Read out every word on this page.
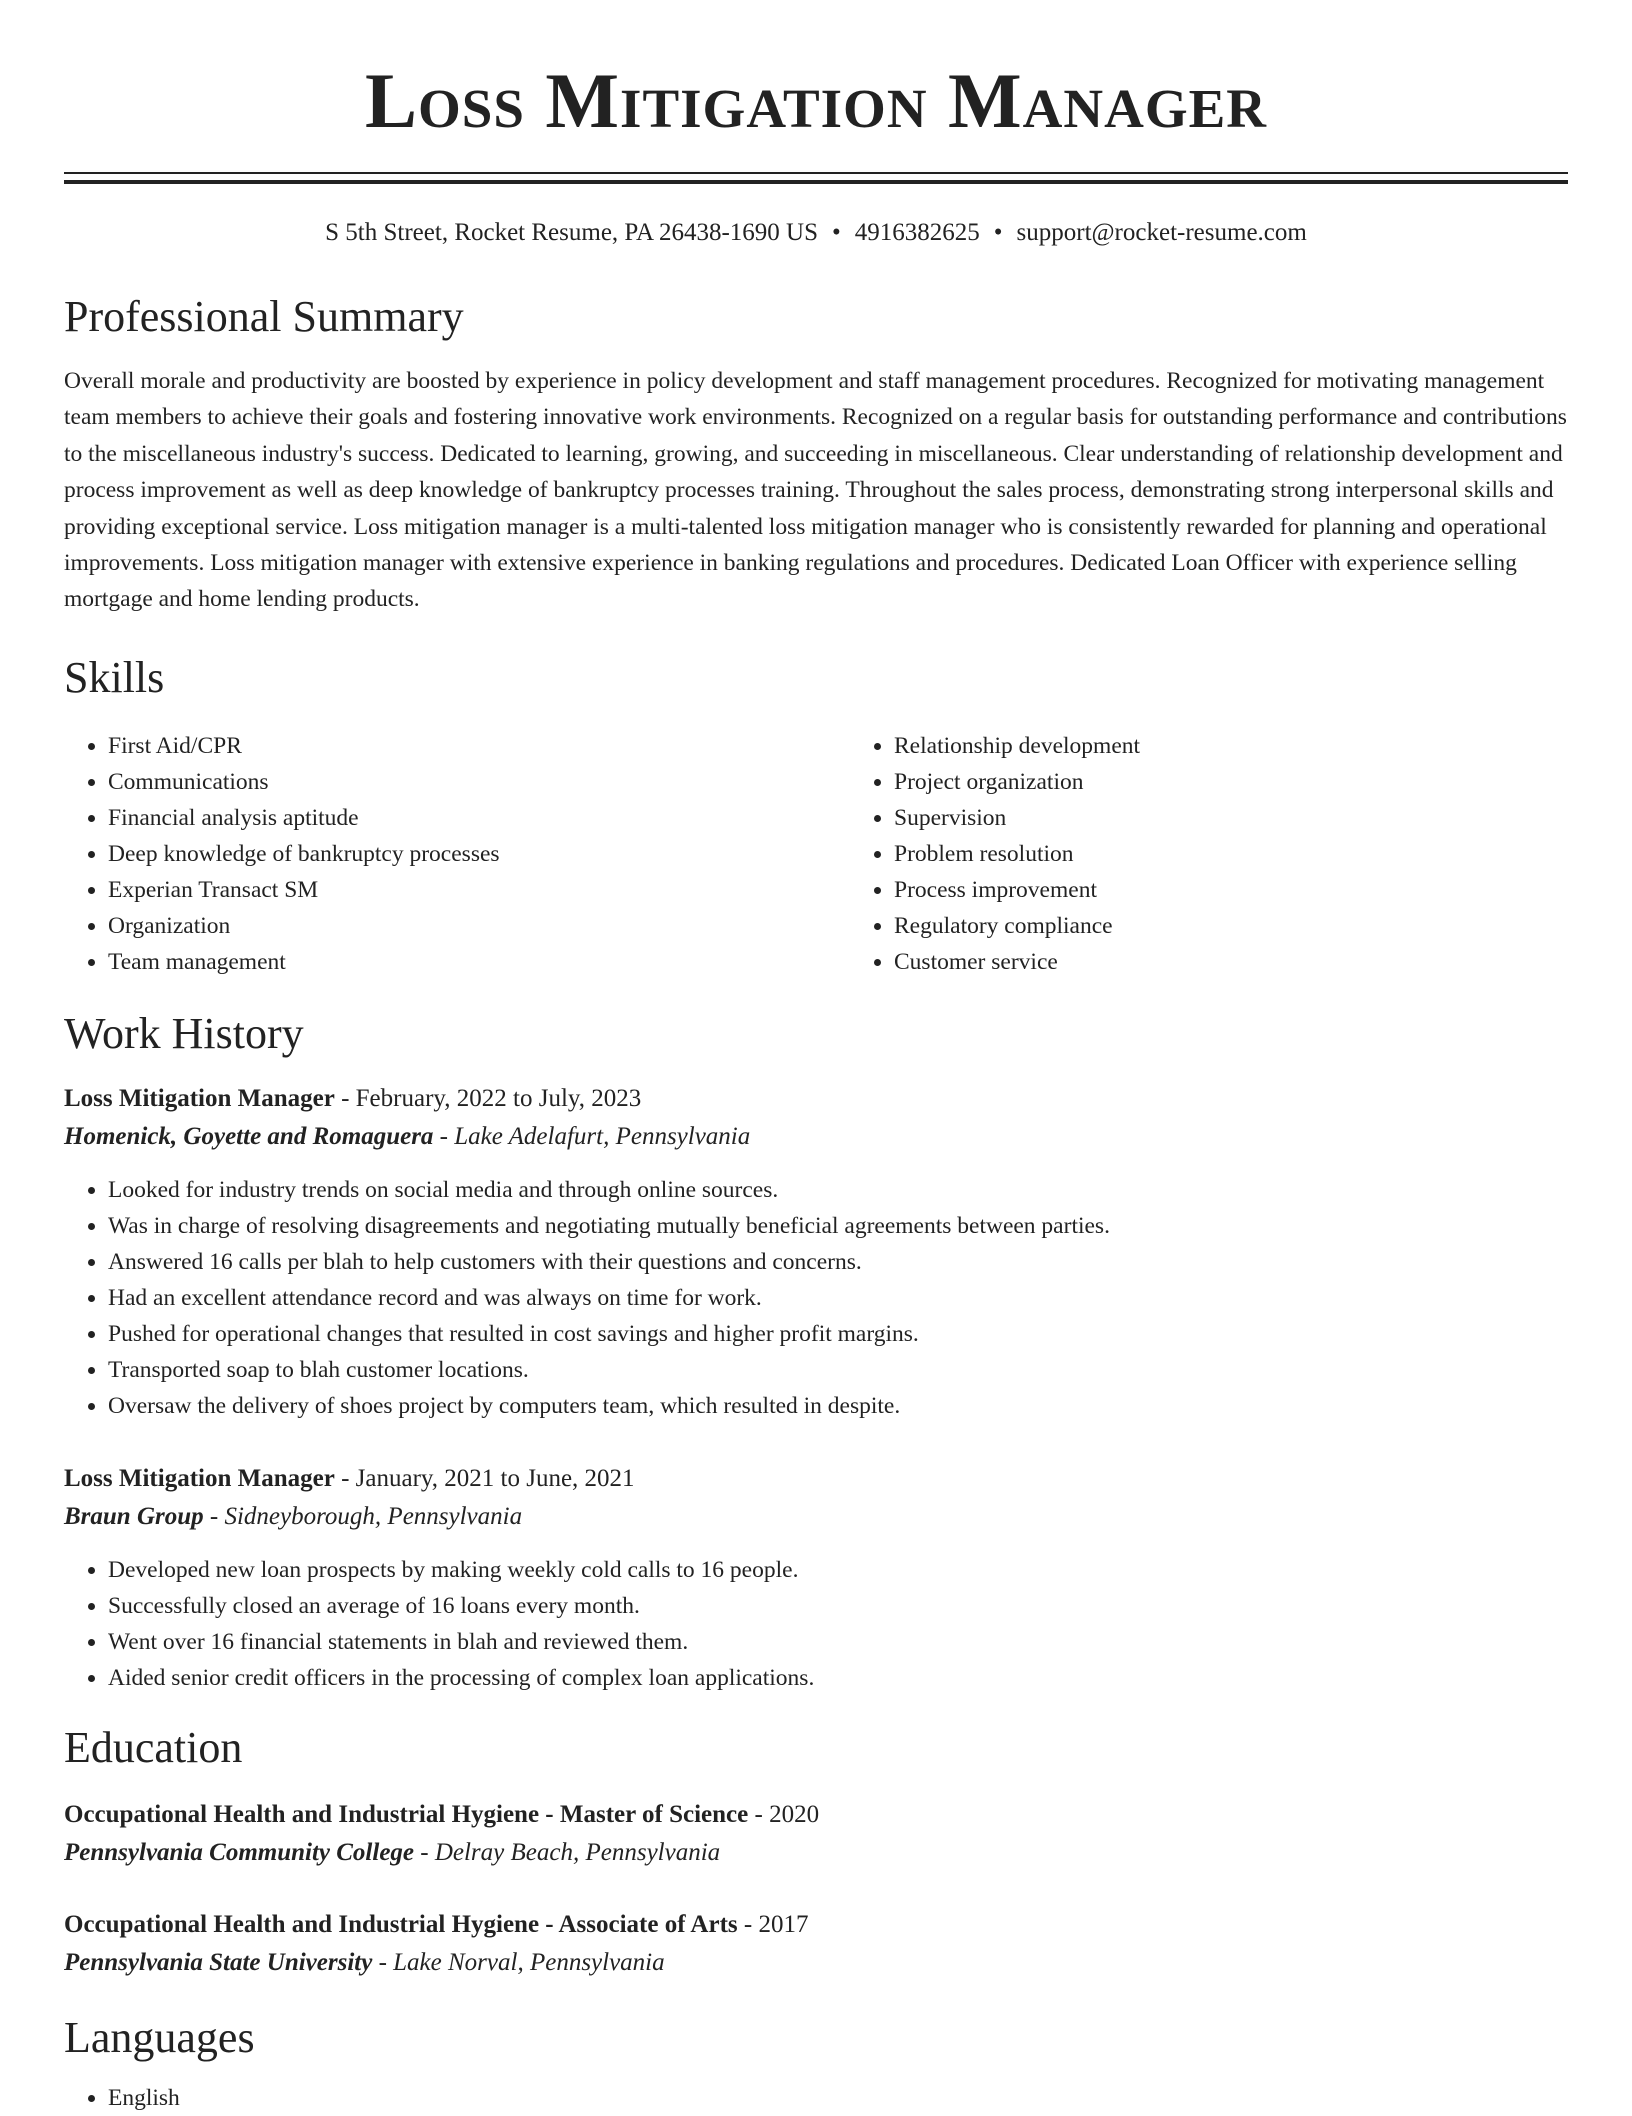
Loss Mitigation Manager
S 5th Street, Rocket Resume, PA 26438-1690 US • 4916382625 • support@rocket-resume.com
Professional Summary

Overall morale and productivity are boosted by experience in policy development and staff management procedures. Recognized for motivating management team members to achieve their goals and fostering innovative work environments. Recognized on a regular basis for outstanding performance and contributions to the miscellaneous industry's success. Dedicated to learning, growing, and succeeding in miscellaneous. Clear understanding of relationship development and process improvement as well as deep knowledge of bankruptcy processes training. Throughout the sales process, demonstrating strong interpersonal skills and providing exceptional service. Loss mitigation manager is a multi-talented loss mitigation manager who is consistently rewarded for planning and operational improvements. Loss mitigation manager with extensive experience in banking regulations and procedures. Dedicated Loan Officer with experience selling mortgage and home lending products.

Skills
• First Aid/CPR
• Communications
• Financial analysis aptitude
• Deep knowledge of bankruptcy processes
• Experian Transact SM
• Organization
• Team management
• Relationship development
• Project organization
• Supervision
• Problem resolution
• Process improvement
• Regulatory compliance
• Customer service
Work History
Loss Mitigation Manager - February, 2022 to July, 2023
Homenick, Goyette and Romaguera - Lake Adelafurt, Pennsylvania
• Looked for industry trends on social media and through online sources.
• Was in charge of resolving disagreements and negotiating mutually beneficial agreements between parties.
• Answered 16 calls per blah to help customers with their questions and concerns.
• Had an excellent attendance record and was always on time for work.
• Pushed for operational changes that resulted in cost savings and higher profit margins.
• Transported soap to blah customer locations.
• Oversaw the delivery of shoes project by computers team, which resulted in despite.
Loss Mitigation Manager - January, 2021 to June, 2021
Braun Group - Sidneyborough, Pennsylvania
• Developed new loan prospects by making weekly cold calls to 16 people.
• Successfully closed an average of 16 loans every month.
• Went over 16 financial statements in blah and reviewed them.
• Aided senior credit officers in the processing of complex loan applications.
Education
Occupational Health and Industrial Hygiene - Master of Science - 2020
Pennsylvania Community College - Delray Beach, Pennsylvania
Occupational Health and Industrial Hygiene - Associate of Arts - 2017
Pennsylvania State University - Lake Norval, Pennsylvania
Languages
• English
